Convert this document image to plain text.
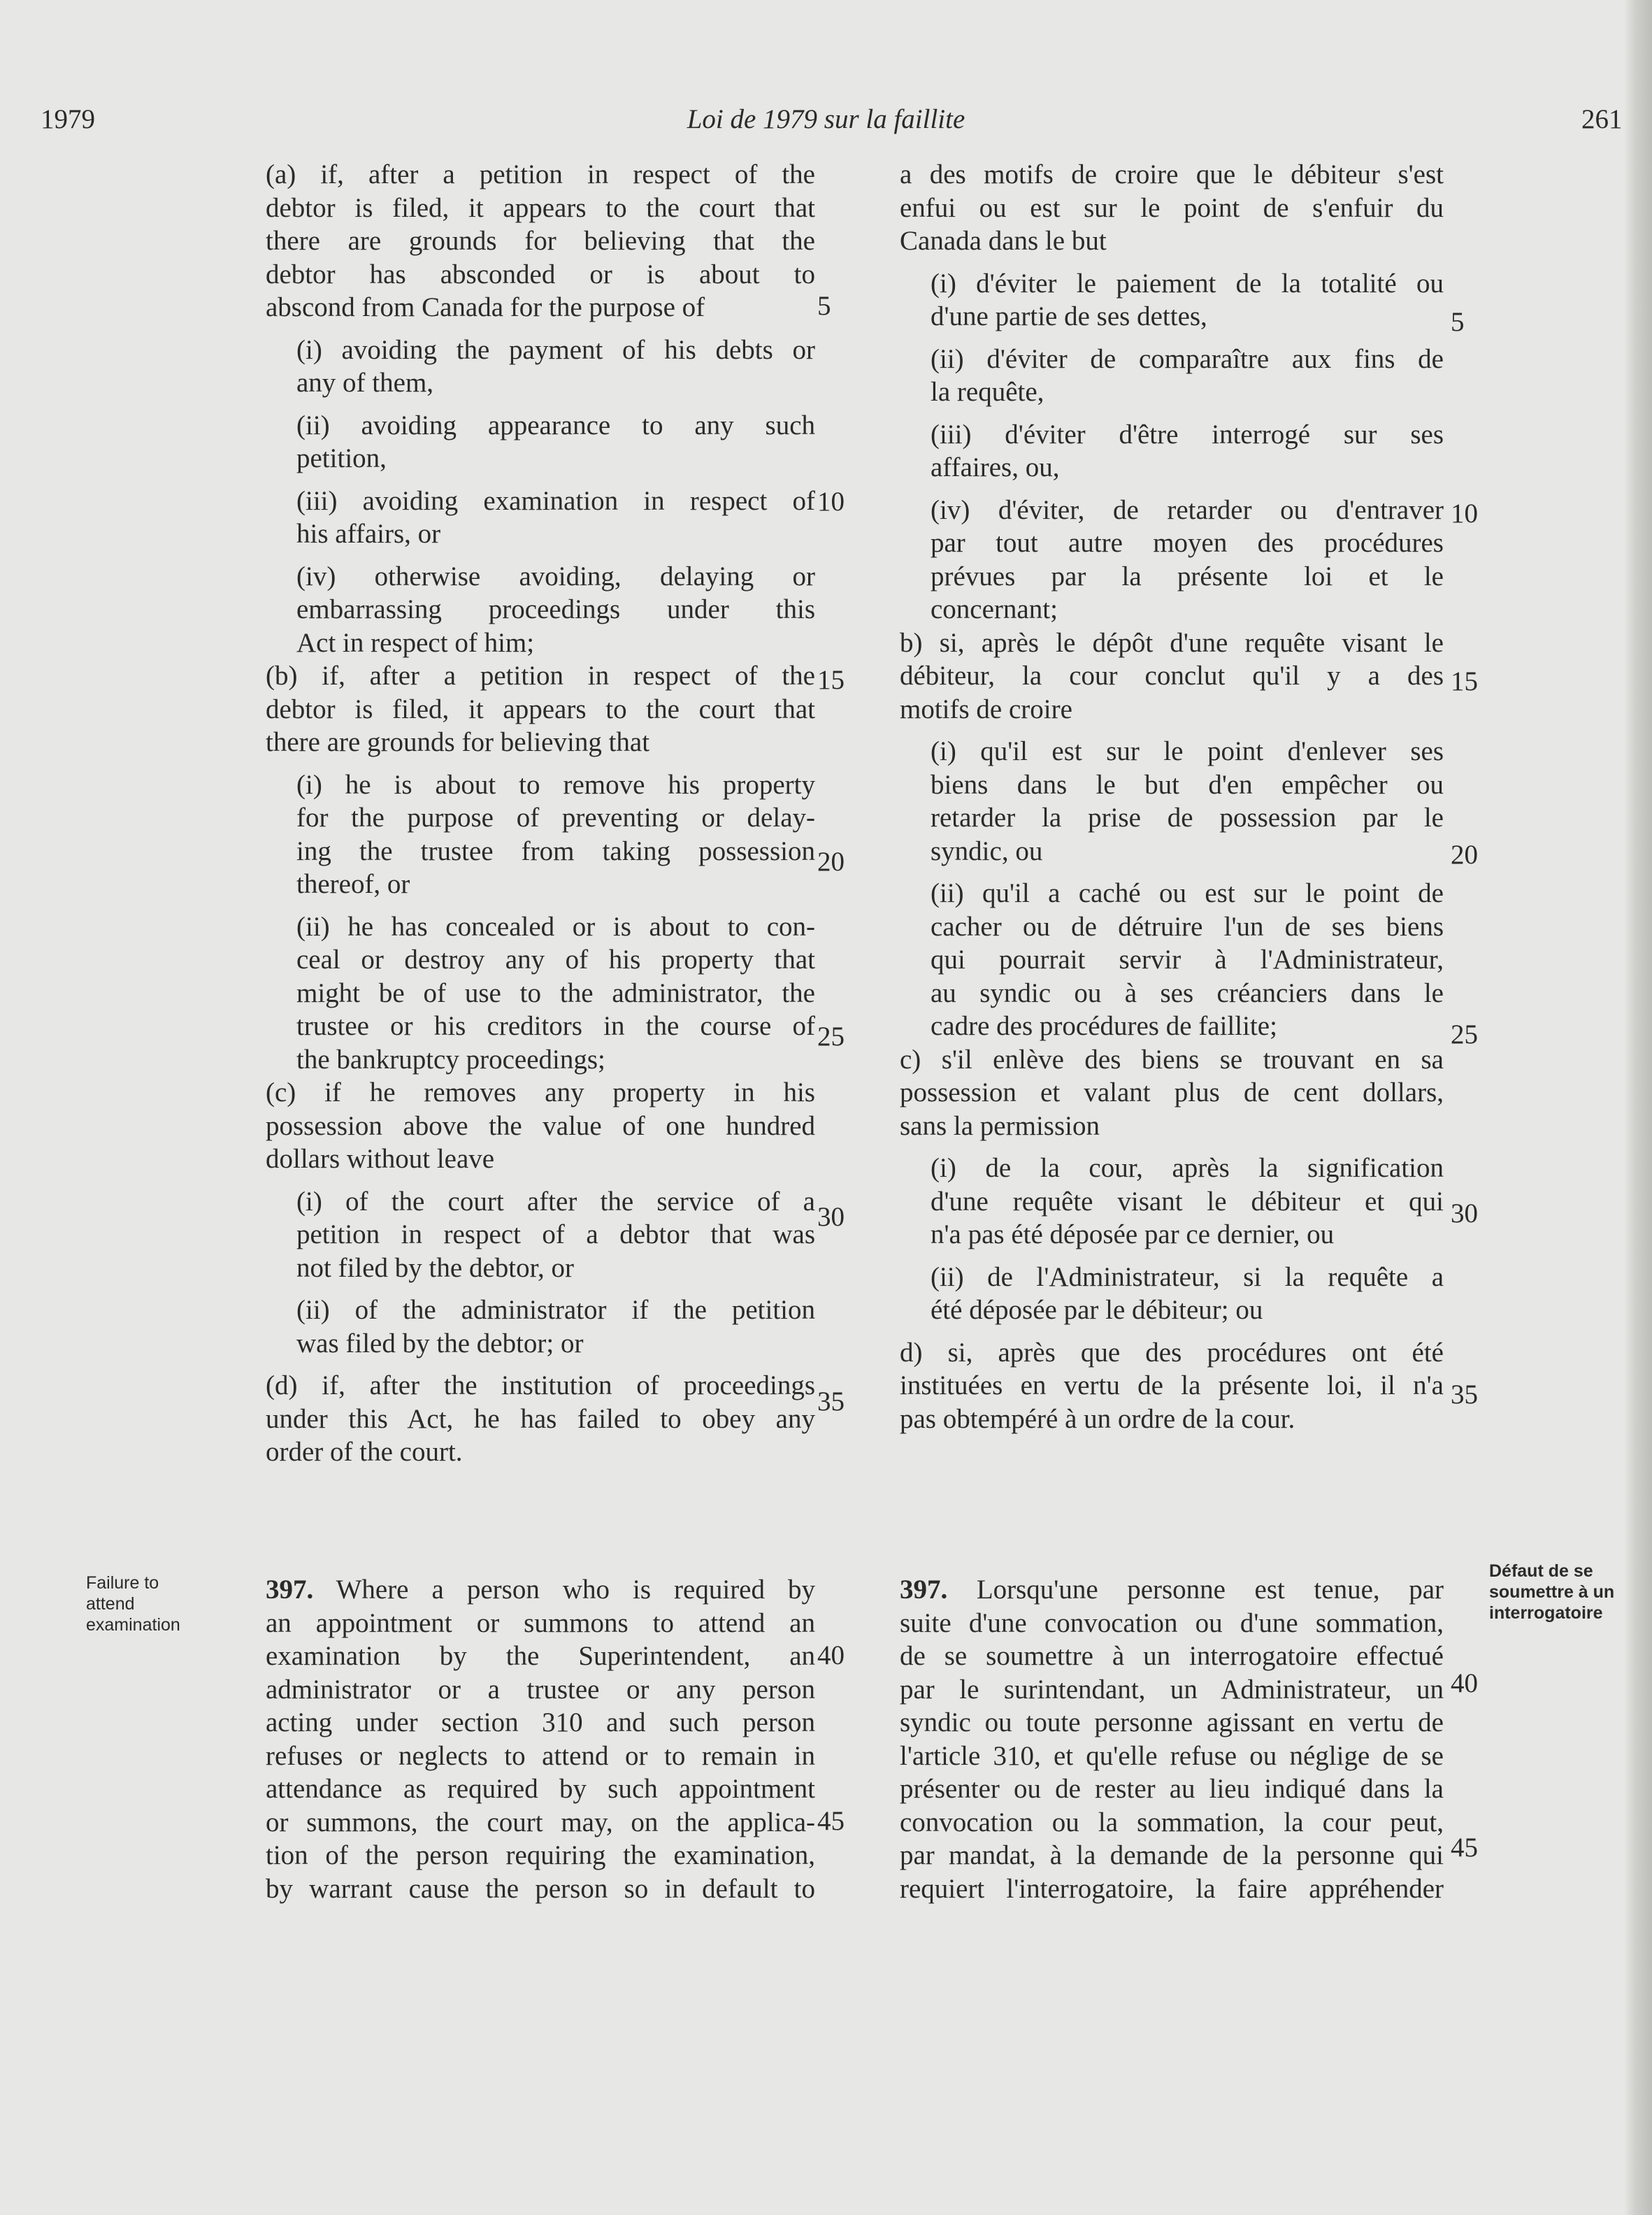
1979	Loi de 1979 sur la faillite	261
(a) if, after a petition in respect of the
debtor is filed, it appears to the court that
there are grounds for believing that the
debtor has absconded or is about to
abscond from Canada for the purpose of
(i) avoiding the payment of his debts or
any of them,
(ii) avoiding appearance to any such
petition,
(iii) avoiding examination in respect of
his affairs, or
(iv) otherwise avoiding, delaying or
embarrassing proceedings under this
Act in respect of him;
(b) if, after a petition in respect of the
debtor is filed, it appears to the court that
there are grounds for believing that
(i) he is about to remove his property
for the purpose of preventing or delay-
ing the trustee from taking possession
thereof, or
(ii) he has concealed or is about to con-
ceal or destroy any of his property that
might be of use to the administrator, the
trustee or his creditors in the course of
the bankruptcy proceedings;
(c) if he removes any property in his
possession above the value of one hundred
dollars without leave
(i) of the court after the service of a
petition in respect of a debtor that was
not filed by the debtor, or
(ii) of the administrator if the petition
was filed by the debtor; or
(d) if, after the institution of proceedings
under this Act, he has failed to obey any
order of the court.
a des motifs de croire que le débiteur s'est
enfui ou est sur le point de s'enfuir du
Canada dans le but
(i) d'éviter le paiement de la totalité ou
d'une partie de ses dettes,
(ii) d'éviter de comparaître aux fins de
la requête,
(iii) d'éviter d'être interrogé sur ses
affaires, ou,
(iv) d'éviter, de retarder ou d'entraver
par tout autre moyen des procédures
prévues par la présente loi et le
concernant;
b) si, après le dépôt d'une requête visant le
débiteur, la cour conclut qu'il y a des
motifs de croire
(i) qu'il est sur le point d'enlever ses
biens dans le but d'en empêcher ou
retarder la prise de possession par le
syndic, ou
(ii) qu'il a caché ou est sur le point de
cacher ou de détruire l'un de ses biens
qui pourrait servir à l'Administrateur,
au syndic ou à ses créanciers dans le
cadre des procédures de faillite;
c) s'il enlève des biens se trouvant en sa
possession et valant plus de cent dollars,
sans la permission
(i) de la cour, après la signification
d'une requête visant le débiteur et qui
n'a pas été déposée par ce dernier, ou
(ii) de l'Administrateur, si la requête a
été déposée par le débiteur; ou
d) si, après que des procédures ont été
instituées en vertu de la présente loi, il n'a
pas obtempéré à un ordre de la cour.
397. Where a person who is required by
an appointment or summons to attend an
examination by the Superintendent, an
administrator or a trustee or any person
acting under section 310 and such person
refuses or neglects to attend or to remain in
attendance as required by such appointment
or summons, the court may, on the applica-
tion of the person requiring the examination,
by warrant cause the person so in default to
397. Lorsqu'une personne est tenue, par
suite d'une convocation ou d'une sommation,
de se soumettre à un interrogatoire effectué
par le surintendant, un Administrateur, un
syndic ou toute personne agissant en vertu de
l'article 310, et qu'elle refuse ou néglige de se
présenter ou de rester au lieu indiqué dans la
convocation ou la sommation, la cour peut,
par mandat, à la demande de la personne qui
requiert l'interrogatoire, la faire appréhender
Failure to attend examination
Défaut de se soumettre à un interrogatoire
5
10
15
20
25
30
35
40
45
5
10
15
20
25
30
35
40
45
